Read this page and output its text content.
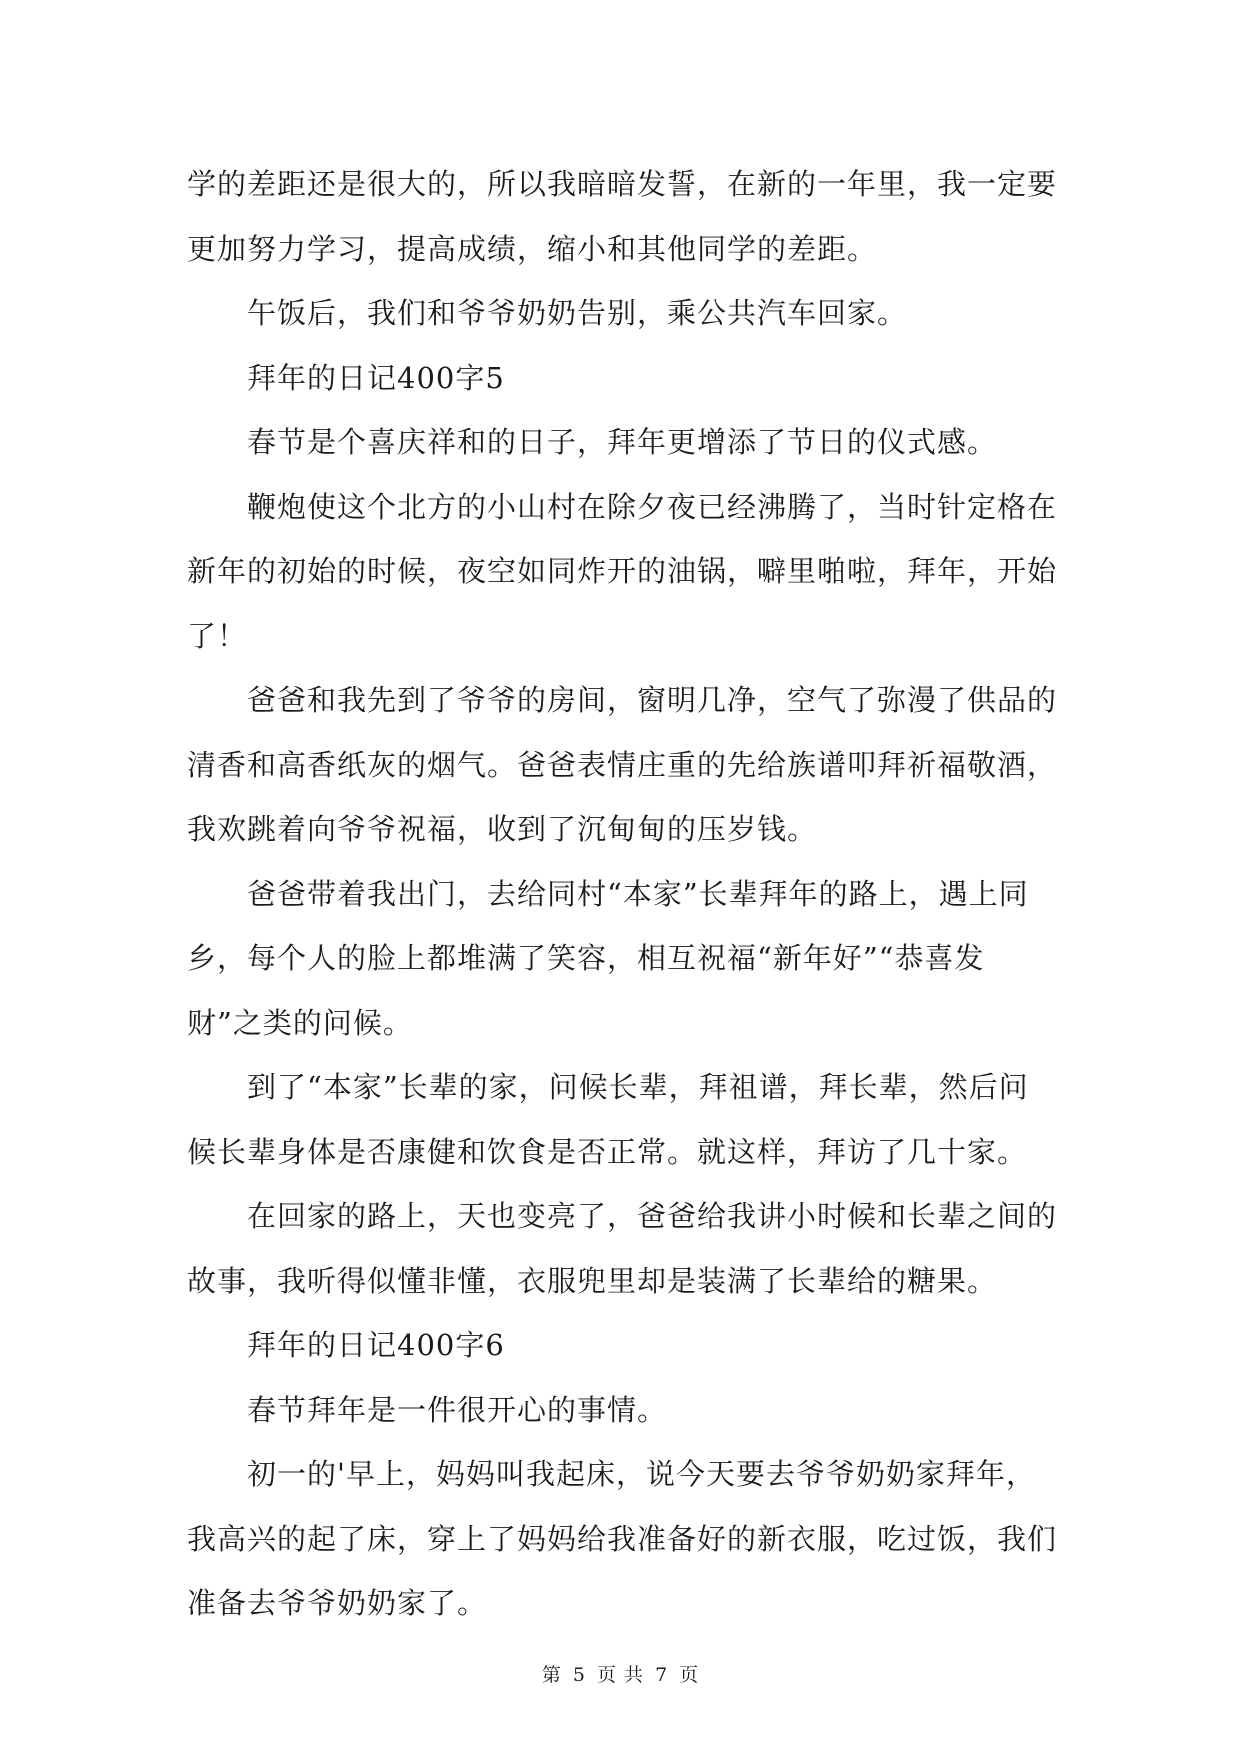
学的差距还是很大的，所以我暗暗发誓，在新的一年里，我一定要更加努力学习，提高成绩，缩小和其他同学的差距。

午饭后，我们和爷爷奶奶告别，乘公共汽车回家。

拜年的日记400字5

春节是个喜庆祥和的日子，拜年更增添了节日的仪式感。

鞭炮使这个北方的小山村在除夕夜已经沸腾了，当时针定格在新年的初始的时候，夜空如同炸开的油锅，噼里啪啦，拜年，开始了！

爸爸和我先到了爷爷的房间，窗明几净，空气了弥漫了供品的清香和高香纸灰的烟气。爸爸表情庄重的先给族谱叩拜祈福敬酒，我欢跳着向爷爷祝福，收到了沉甸甸的压岁钱。

爸爸带着我出门，去给同村“本家”长辈拜年的路上，遇上同乡，每个人的脸上都堆满了笑容，相互祝福“新年好”“恭喜发财”之类的问候。

到了“本家”长辈的家，问候长辈，拜祖谱，拜长辈，然后问候长辈身体是否康健和饮食是否正常。就这样，拜访了几十家。

在回家的路上，天也变亮了，爸爸给我讲小时候和长辈之间的故事，我听得似懂非懂，衣服兜里却是装满了长辈给的糖果。

拜年的日记400字6

春节拜年是一件很开心的事情。

初一的'早上，妈妈叫我起床，说今天要去爷爷奶奶家拜年，我高兴的起了床，穿上了妈妈给我准备好的新衣服，吃过饭，我们准备去爷爷奶奶家了。

第 5 页 共 7 页
